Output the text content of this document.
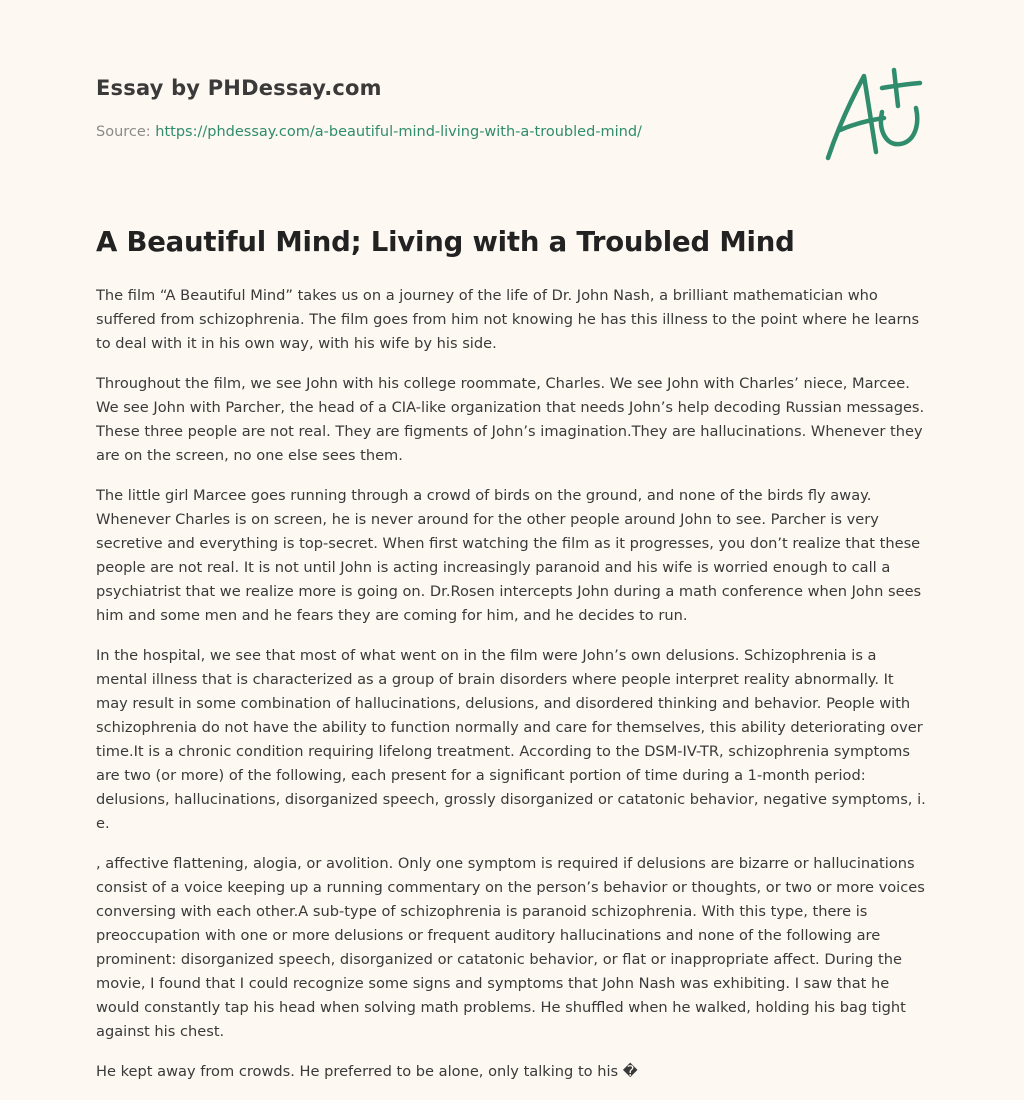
Essay by PHDessay.com
Source: https://phdessay.com/a-beautiful-mind-living-with-a-troubled-mind/
A Beautiful Mind; Living with a Troubled Mind

The film “A Beautiful Mind” takes us on a journey of the life of Dr. John Nash, a brilliant mathematician who suffered from schizophrenia. The film goes from him not knowing he has this illness to the point where he learns to deal with it in his own way, with his wife by his side.

Throughout the film, we see John with his college roommate, Charles. We see John with Charles’ niece, Marcee. We see John with Parcher, the head of a CIA-like organization that needs John’s help decoding Russian messages. These three people are not real. They are figments of John’s imagination.They are hallucinations. Whenever they are on the screen, no one else sees them.

The little girl Marcee goes running through a crowd of birds on the ground, and none of the birds fly away. Whenever Charles is on screen, he is never around for the other people around John to see. Parcher is very secretive and everything is top-secret. When first watching the film as it progresses, you don’t realize that these people are not real. It is not until John is acting increasingly paranoid and his wife is worried enough to call a psychiatrist that we realize more is going on. Dr.Rosen intercepts John during a math conference when John sees him and some men and he fears they are coming for him, and he decides to run.

In the hospital, we see that most of what went on in the film were John’s own delusions. Schizophrenia is a mental illness that is characterized as a group of brain disorders where people interpret reality abnormally. It may result in some combination of hallucinations, delusions, and disordered thinking and behavior. People with schizophrenia do not have the ability to function normally and care for themselves, this ability deteriorating over time.It is a chronic condition requiring lifelong treatment. According to the DSM-IV-TR, schizophrenia symptoms are two (or more) of the following, each present for a significant portion of time during a 1-month period: delusions, hallucinations, disorganized speech, grossly disorganized or catatonic behavior, negative symptoms, i. e.

, affective flattening, alogia, or avolition. Only one symptom is required if delusions are bizarre or hallucinations consist of a voice keeping up a running commentary on the person’s behavior or thoughts, or two or more voices conversing with each other.A sub-type of schizophrenia is paranoid schizophrenia. With this type, there is preoccupation with one or more delusions or frequent auditory hallucinations and none of the following are prominent: disorganized speech, disorganized or catatonic behavior, or flat or inappropriate affect. During the movie, I found that I could recognize some signs and symptoms that John Nash was exhibiting. I saw that he would constantly tap his head when solving math problems. He shuffled when he walked, holding his bag tight against his chest.

He kept away from crowds. He preferred to be alone, only talking to his �
